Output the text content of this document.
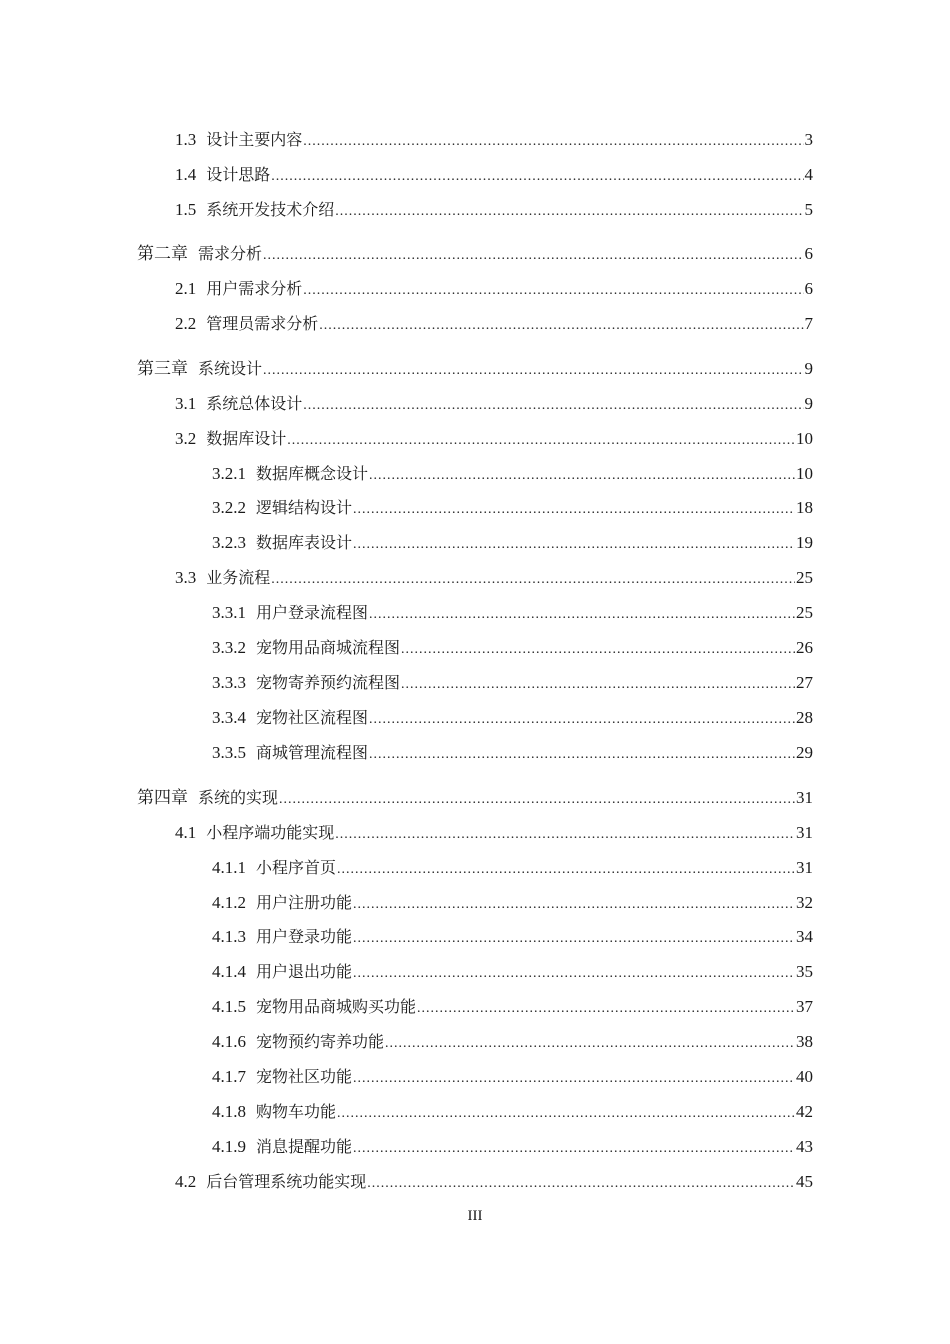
1.3 设计主要内容 .....	3
1.4 设计思路 .....	4
1.5 系统开发技术介绍 .....	5
第二章 需求分析 .....	6
2.1 用户需求分析 .....	6
2.2 管理员需求分析 .....	7
第三章 系统设计 .....	9
3.1 系统总体设计 .....	9
3.2 数据库设计 .....	10
3.2.1 数据库概念设计 .....	10
3.2.2 逻辑结构设计 .....	18
3.2.3 数据库表设计 .....	19
3.3 业务流程 .....	25
3.3.1 用户登录流程图 .....	25
3.3.2 宠物用品商城流程图 .....	26
3.3.3 宠物寄养预约流程图 .....	27
3.3.4 宠物社区流程图 .....	28
3.3.5 商城管理流程图 .....	29
第四章 系统的实现 .....	31
4.1 小程序端功能实现 .....	31
4.1.1 小程序首页 .....	31
4.1.2 用户注册功能 .....	32
4.1.3 用户登录功能 .....	34
4.1.4 用户退出功能 .....	35
4.1.5 宠物用品商城购买功能 .....	37
4.1.6 宠物预约寄养功能 .....	38
4.1.7 宠物社区功能 .....	40
4.1.8 购物车功能 .....	42
4.1.9 消息提醒功能 .....	43
4.2 后台管理系统功能实现 .....	45
III
